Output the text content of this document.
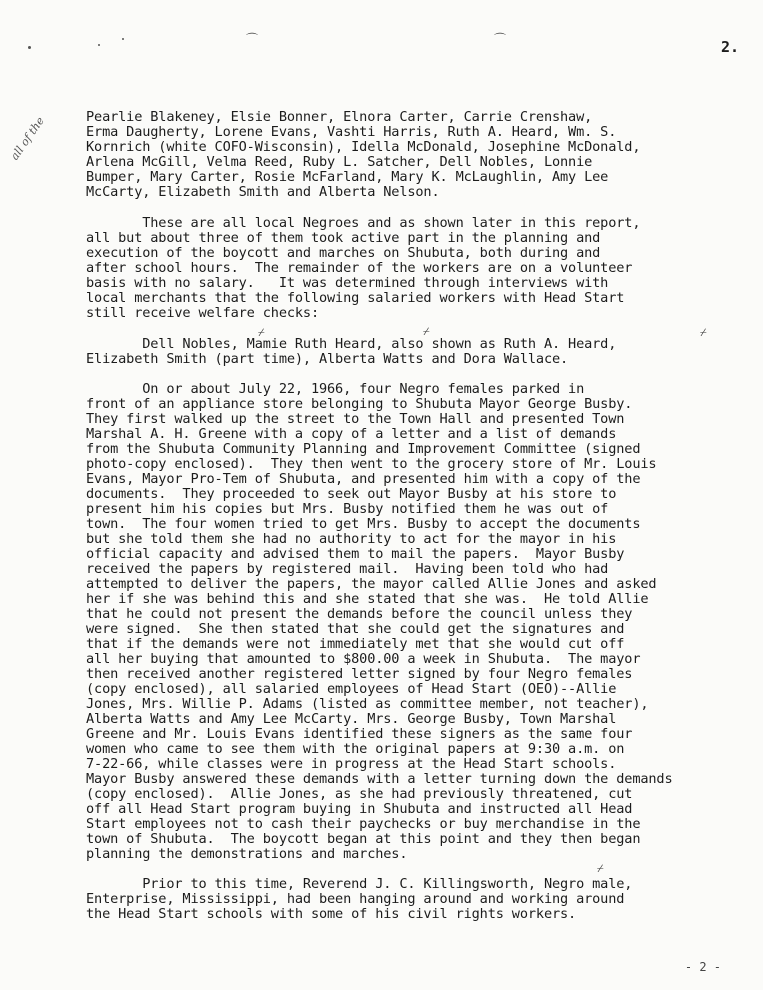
2.
⌒	⌒
all of the	Pearlie Blakeney, Elsie Bonner, Elnora Carter, Carrie Crenshaw,
Erma Daugherty, Lorene Evans, Vashti Harris, Ruth A. Heard, Wm. S.
Kornrich (white COFO-Wisconsin), Idella McDonald, Josephine McDonald,
Arlena McGill, Velma Reed, Ruby L. Satcher, Dell Nobles, Lonnie
Bumper, Mary Carter, Rosie McFarland, Mary K. McLaughlin, Amy Lee
McCarty, Elizabeth Smith and Alberta Nelson.
These are all local Negroes and as shown later in this report,
all but about three of them took active part in the planning and
execution of the boycott and marches on Shubuta, both during and
after school hours.  The remainder of the workers are on a volunteer
basis with no salary.   It was determined through interviews with
local merchants that the following salaried workers with Head Start
still receive welfare checks:
Dell Nobles, Mamie Ruth Heard, also shown as Ruth A. Heard,
Elizabeth Smith (part time), Alberta Watts and Dora Wallace.
⌿	⌿	⌿
On or about July 22, 1966, four Negro females parked in
front of an appliance store belonging to Shubuta Mayor George Busby.
They first walked up the street to the Town Hall and presented Town
Marshal A. H. Greene with a copy of a letter and a list of demands
from the Shubuta Community Planning and Improvement Committee (signed
photo-copy enclosed).  They then went to the grocery store of Mr. Louis
Evans, Mayor Pro-Tem of Shubuta, and presented him with a copy of the
documents.  They proceeded to seek out Mayor Busby at his store to
present him his copies but Mrs. Busby notified them he was out of
town.  The four women tried to get Mrs. Busby to accept the documents
but she told them she had no authority to act for the mayor in his
official capacity and advised them to mail the papers.  Mayor Busby
received the papers by registered mail.  Having been told who had
attempted to deliver the papers, the mayor called Allie Jones and asked
her if she was behind this and she stated that she was.  He told Allie
that he could not present the demands before the council unless they
were signed.  She then stated that she could get the signatures and
that if the demands were not immediately met that she would cut off
all her buying that amounted to $800.00 a week in Shubuta.  The mayor
then received another registered letter signed by four Negro females
(copy enclosed), all salaried employees of Head Start (OEO)--Allie
Jones, Mrs. Willie P. Adams (listed as committee member, not teacher),
Alberta Watts and Amy Lee McCarty. Mrs. George Busby, Town Marshal
Greene and Mr. Louis Evans identified these signers as the same four
women who came to see them with the original papers at 9:30 a.m. on
7-22-66, while classes were in progress at the Head Start schools.
Mayor Busby answered these demands with a letter turning down the demands
(copy enclosed).  Allie Jones, as she had previously threatened, cut
off all Head Start program buying in Shubuta and instructed all Head
Start employees not to cash their paychecks or buy merchandise in the
town of Shubuta.  The boycott began at this point and they then began
planning the demonstrations and marches.
⌿
Prior to this time, Reverend J. C. Killingsworth, Negro male,
Enterprise, Mississippi, had been hanging around and working around
the Head Start schools with some of his civil rights workers.
- 2 -
